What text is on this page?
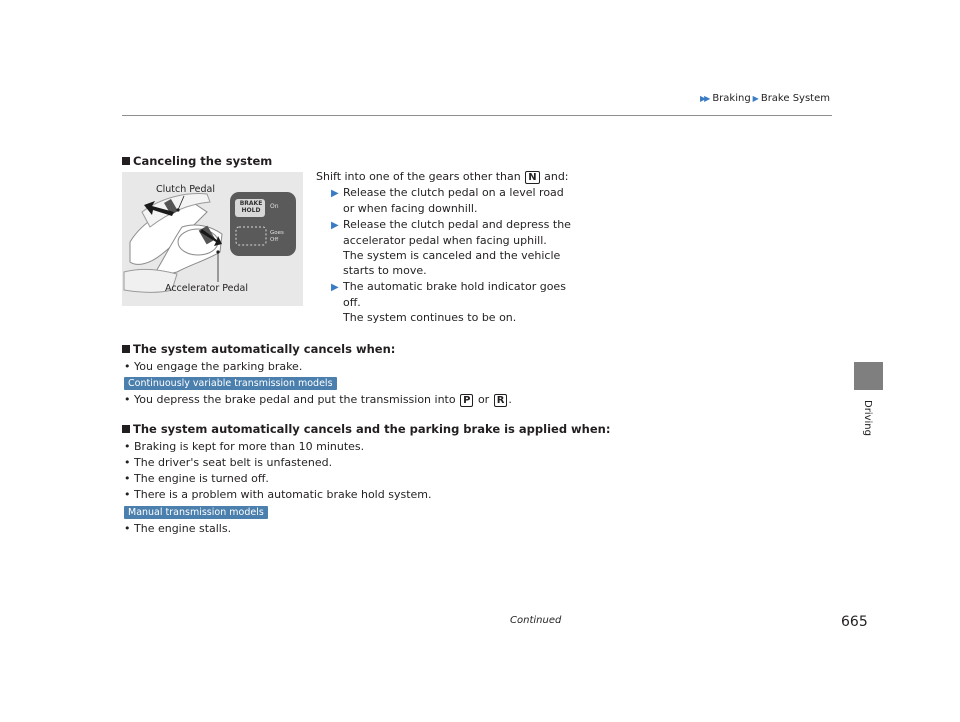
▶▶ Braking ▶ Brake System
Driving
Canceling the system
BRAKE
HOLD
On
Goes
Off
Clutch Pedal
Accelerator Pedal
Shift into one of the gears other than N and:
▶ Release the clutch pedal on a level road
or when facing downhill.
▶ Release the clutch pedal and depress the
accelerator pedal when facing uphill.
The system is canceled and the vehicle
starts to move.
▶ The automatic brake hold indicator goes
off.
The system continues to be on.
The system automatically cancels when:
• You engage the parking brake.
Continuously variable transmission models
• You depress the brake pedal and put the transmission into P or R .
The system automatically cancels and the parking brake is applied when:
• Braking is kept for more than 10 minutes.
• The driver's seat belt is unfastened.
• The engine is turned off.
• There is a problem with automatic brake hold system.
Manual transmission models
• The engine stalls.
Continued	665
